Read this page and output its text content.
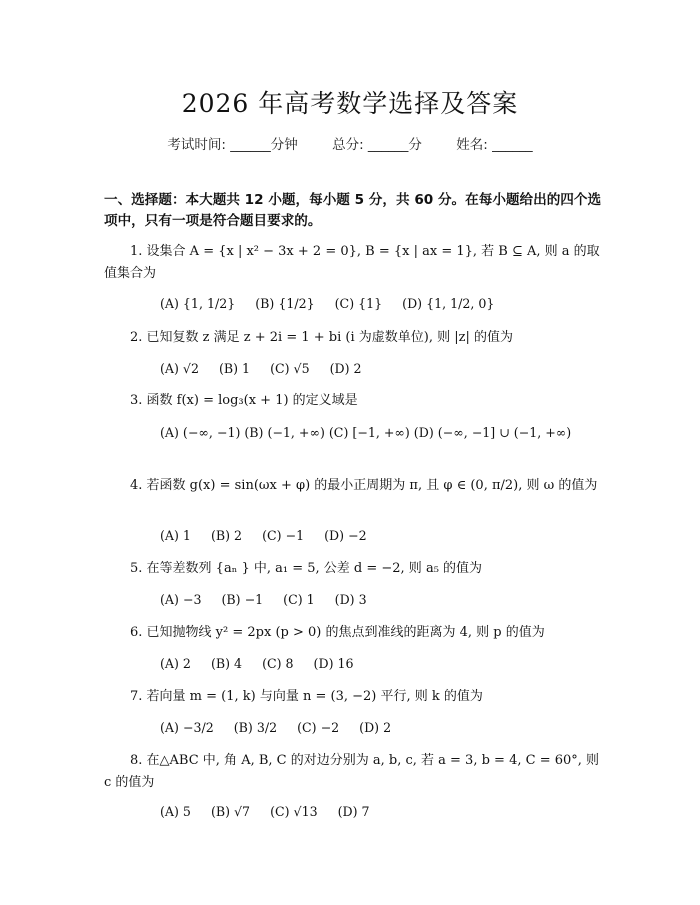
2026 年高考数学选择及答案
考试时间: ______分钟	总分: ______分	姓名: ______
一、选择题：本大题共 12 小题，每小题 5 分，共 60 分。在每小题给出的四个选项中，只有一项是符合题目要求的。
1. 设集合 A = {x | x² − 3x + 2 = 0}, B = {x | ax = 1}, 若 B ⊆ A, 则 a 的取值集合为
(A) {1, 1/2}     (B) {1/2}     (C) {1}     (D) {1, 1/2, 0}
2. 已知复数 z 满足 z + 2i = 1 + bi (i 为虚数单位), 则 |z| 的值为
(A) √2     (B) 1     (C) √5     (D) 2
3. 函数 f(x) = log₃(x + 1) 的定义域是
(A) (−∞, −1) (B) (−1, +∞) (C) [−1, +∞) (D) (−∞, −1] ∪ (−1, +∞)
4. 若函数 g(x) = sin(ωx + φ) 的最小正周期为 π, 且 φ ∈ (0, π/2), 则 ω 的值为
(A) 1     (B) 2     (C) −1     (D) −2
5. 在等差数列 {aₙ } 中, a₁ = 5, 公差 d = −2, 则 a₅ 的值为
(A) −3     (B) −1     (C) 1     (D) 3
6. 已知抛物线 y² = 2px (p > 0) 的焦点到准线的距离为 4, 则 p 的值为
(A) 2     (B) 4     (C) 8     (D) 16
7. 若向量 m = (1, k) 与向量 n = (3, −2) 平行, 则 k 的值为
(A) −3/2     (B) 3/2     (C) −2     (D) 2
8. 在△ABC 中, 角 A, B, C 的对边分别为 a, b, c, 若 a = 3, b = 4, C = 60°, 则 c 的值为
(A) 5     (B) √7     (C) √13     (D) 7
